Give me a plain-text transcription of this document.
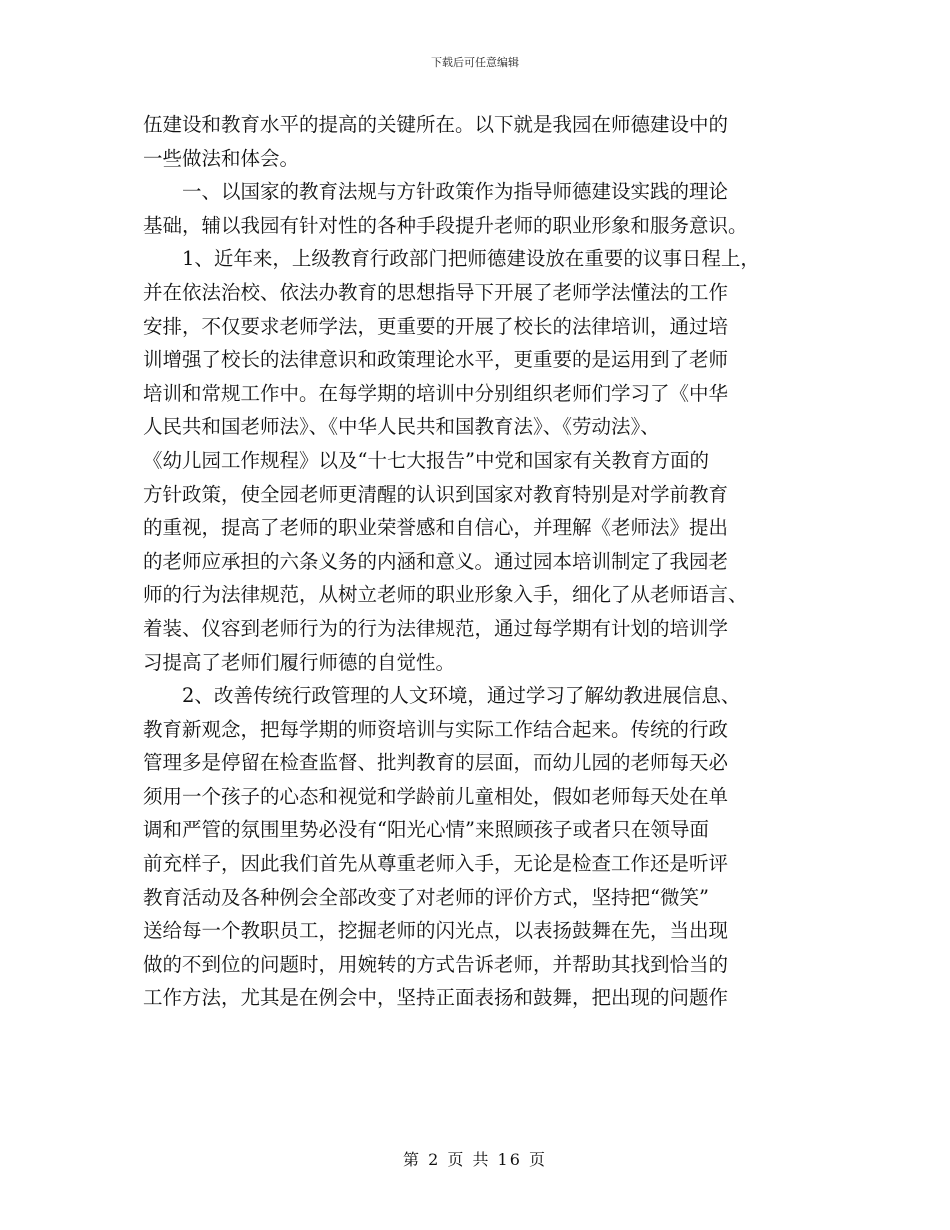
下载后可任意编辑
伍建设和教育水平的提高的关键所在。以下就是我园在师德建设中的
一些做法和体会。
一、以国家的教育法规与方针政策作为指导师德建设实践的理论
基础，辅以我园有针对性的各种手段提升老师的职业形象和服务意识。
1、近年来，上级教育行政部门把师德建设放在重要的议事日程上，
并在依法治校、依法办教育的思想指导下开展了老师学法懂法的工作
安排，不仅要求老师学法，更重要的开展了校长的法律培训，通过培
训增强了校长的法律意识和政策理论水平，更重要的是运用到了老师
培训和常规工作中。在每学期的培训中分别组织老师们学习了《中华
人民共和国老师法》、《中华人民共和国教育法》、《劳动法》、
《幼儿园工作规程》以及“十七大报告”中党和国家有关教育方面的
方针政策，使全园老师更清醒的认识到国家对教育特别是对学前教育
的重视，提高了老师的职业荣誉感和自信心，并理解《老师法》提出
的老师应承担的六条义务的内涵和意义。通过园本培训制定了我园老
师的行为法律规范，从树立老师的职业形象入手，细化了从老师语言、
着装、仪容到老师行为的行为法律规范，通过每学期有计划的培训学
习提高了老师们履行师德的自觉性。
2、改善传统行政管理的人文环境，通过学习了解幼教进展信息、
教育新观念，把每学期的师资培训与实际工作结合起来。传统的行政
管理多是停留在检查监督、批判教育的层面，而幼儿园的老师每天必
须用一个孩子的心态和视觉和学龄前儿童相处，假如老师每天处在单
调和严管的氛围里势必没有“阳光心情”来照顾孩子或者只在领导面
前充样子，因此我们首先从尊重老师入手，无论是检查工作还是听评
教育活动及各种例会全部改变了对老师的评价方式，坚持把“微笑”
送给每一个教职员工，挖掘老师的闪光点，以表扬鼓舞在先，当出现
做的不到位的问题时，用婉转的方式告诉老师，并帮助其找到恰当的
工作方法，尤其是在例会中，坚持正面表扬和鼓舞，把出现的问题作
第 2 页 共 16 页
